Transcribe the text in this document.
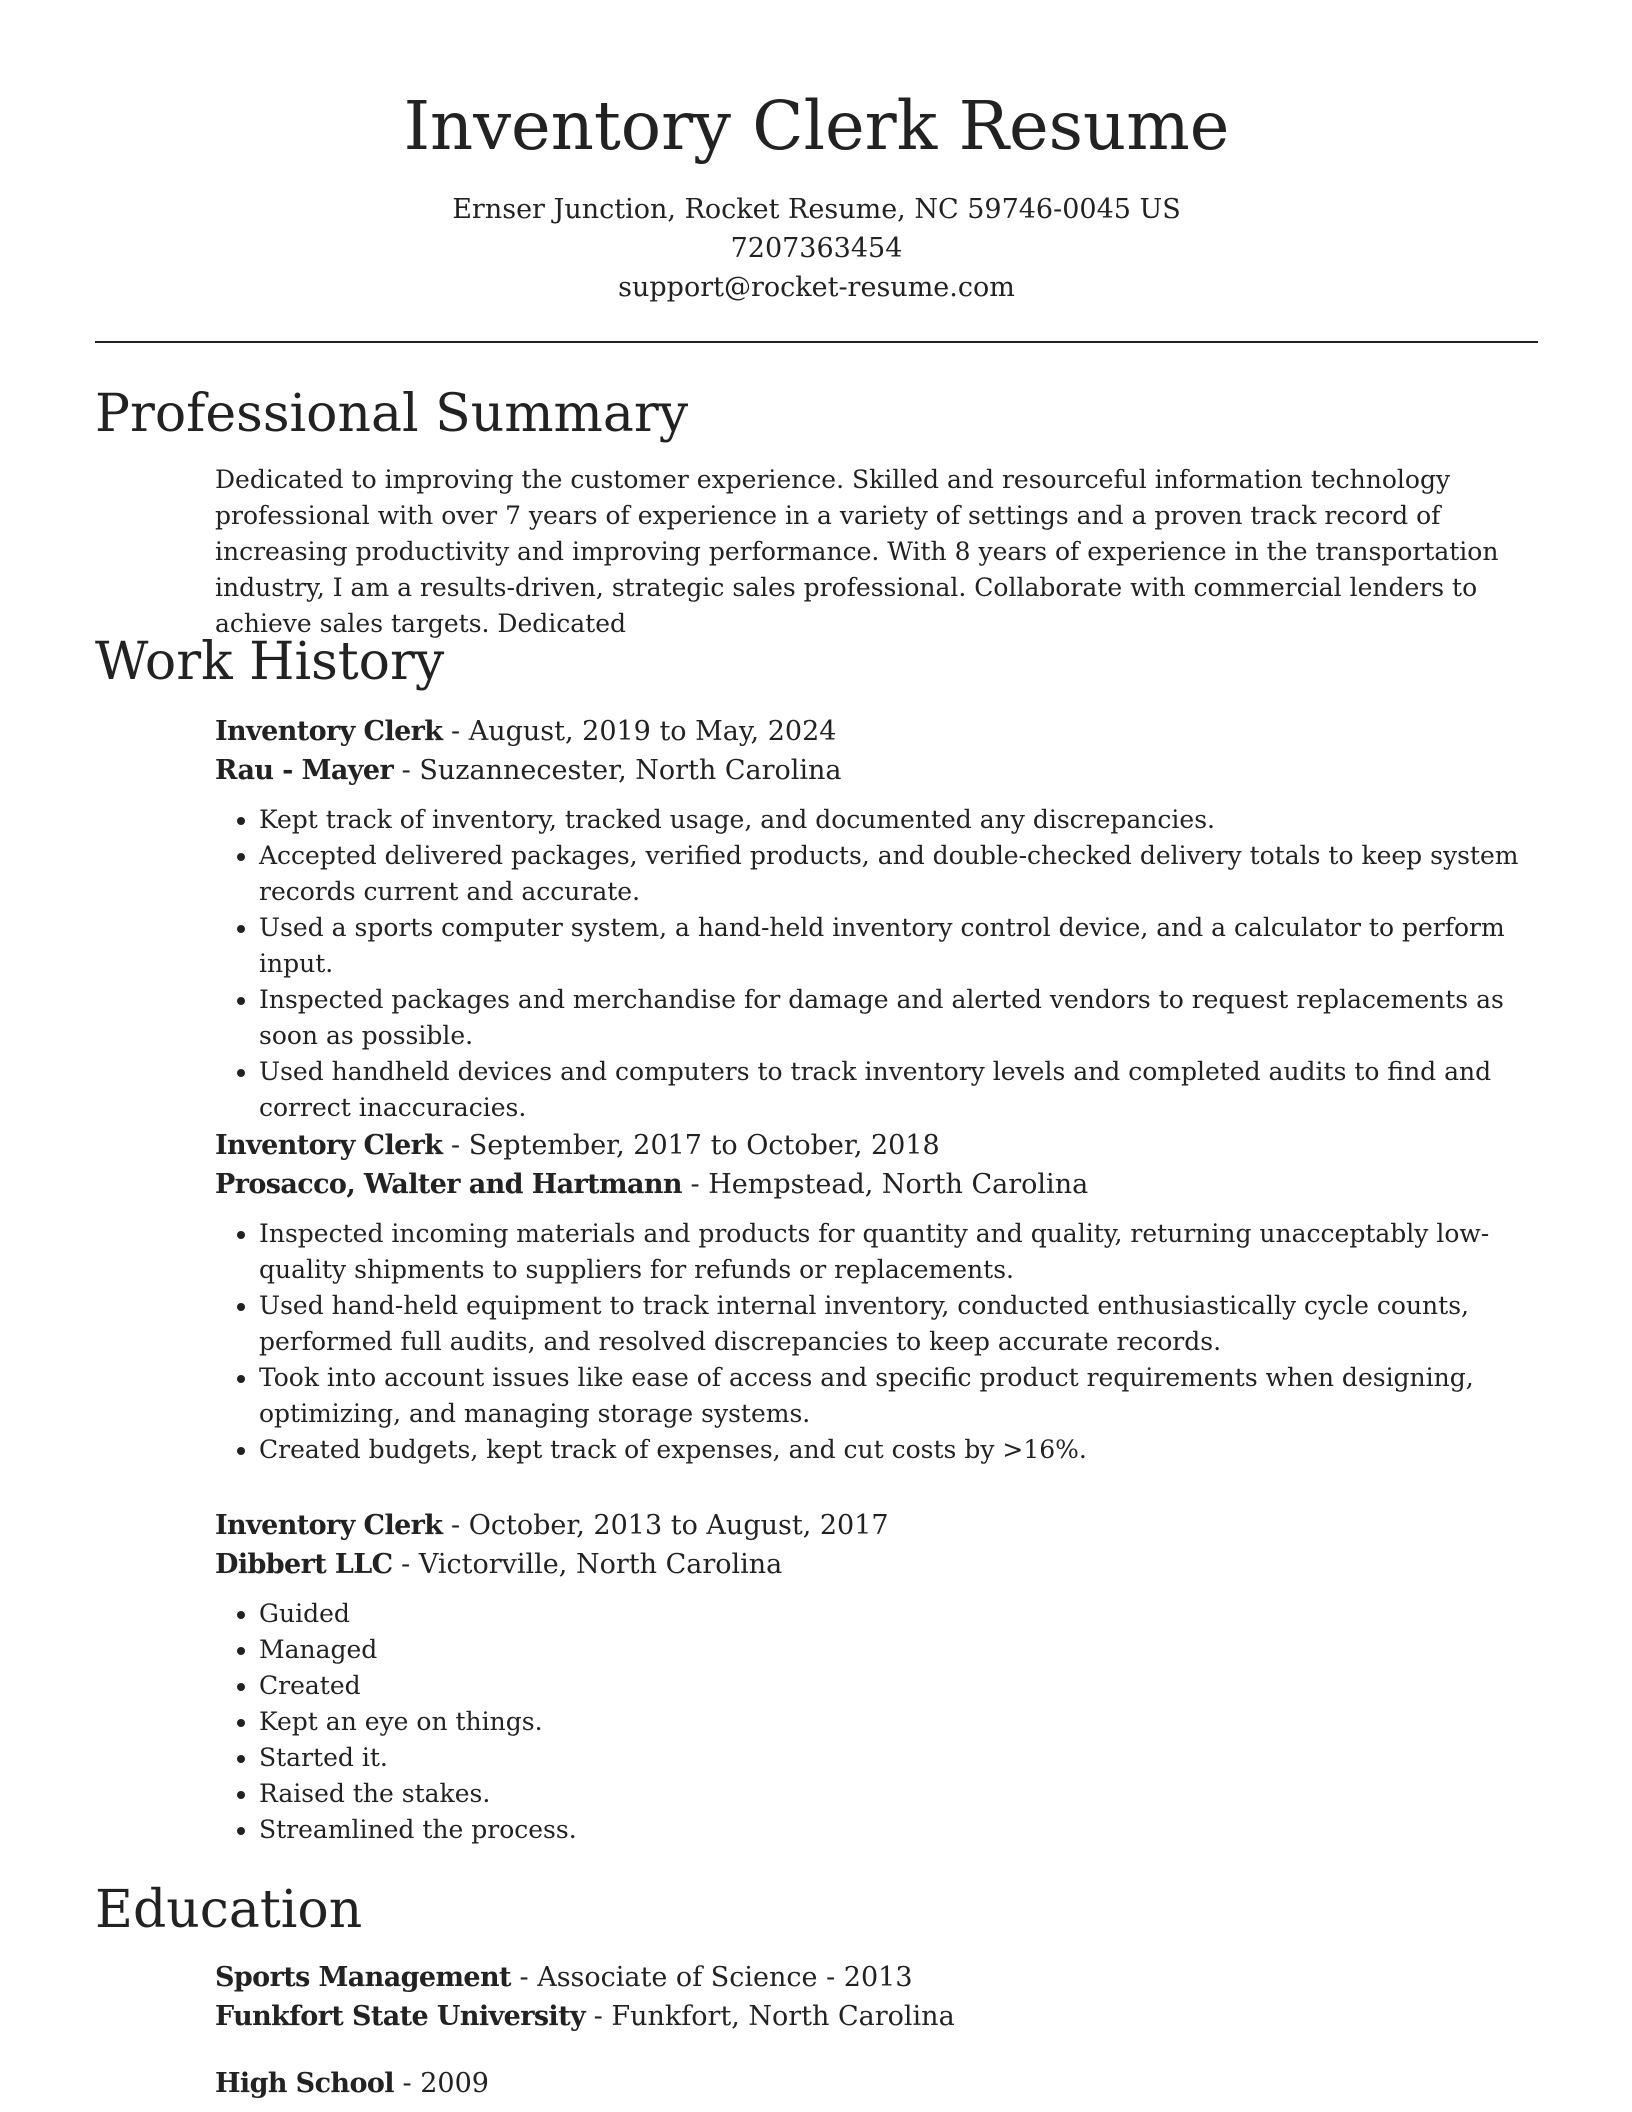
Inventory Clerk Resume
Ernser Junction, Rocket Resume, NC 59746-0045 US
7207363454
support@rocket-resume.com
Professional Summary

Dedicated to improving the customer experience. Skilled and resourceful information technology professional with over 7 years of experience in a variety of settings and a proven track record of increasing productivity and improving performance. With 8 years of experience in the transportation industry, I am a results-driven, strategic sales professional. Collaborate with commercial lenders to achieve sales targets. Dedicated

Work History
Inventory Clerk - August, 2019 to May, 2024
Rau - Mayer - Suzannecester, North Carolina
• Kept track of inventory, tracked usage, and documented any discrepancies.
• Accepted delivered packages, verified products, and double-checked delivery totals to keep system records current and accurate.
• Used a sports computer system, a hand-held inventory control device, and a calculator to perform input.
• Inspected packages and merchandise for damage and alerted vendors to request replacements as soon as possible.
• Used handheld devices and computers to track inventory levels and completed audits to find and correct inaccuracies.
Inventory Clerk - September, 2017 to October, 2018
Prosacco, Walter and Hartmann - Hempstead, North Carolina
• Inspected incoming materials and products for quantity and quality, returning unacceptably low-quality shipments to suppliers for refunds or replacements.
• Used hand-held equipment to track internal inventory, conducted enthusiastically cycle counts, performed full audits, and resolved discrepancies to keep accurate records.
• Took into account issues like ease of access and specific product requirements when designing, optimizing, and managing storage systems.
• Created budgets, kept track of expenses, and cut costs by >16%.
Inventory Clerk - October, 2013 to August, 2017
Dibbert LLC - Victorville, North Carolina
• Guided
• Managed
• Created
• Kept an eye on things.
• Started it.
• Raised the stakes.
• Streamlined the process.
Education
Sports Management - Associate of Science - 2013
Funkfort State University - Funkfort, North Carolina
High School - 2009
